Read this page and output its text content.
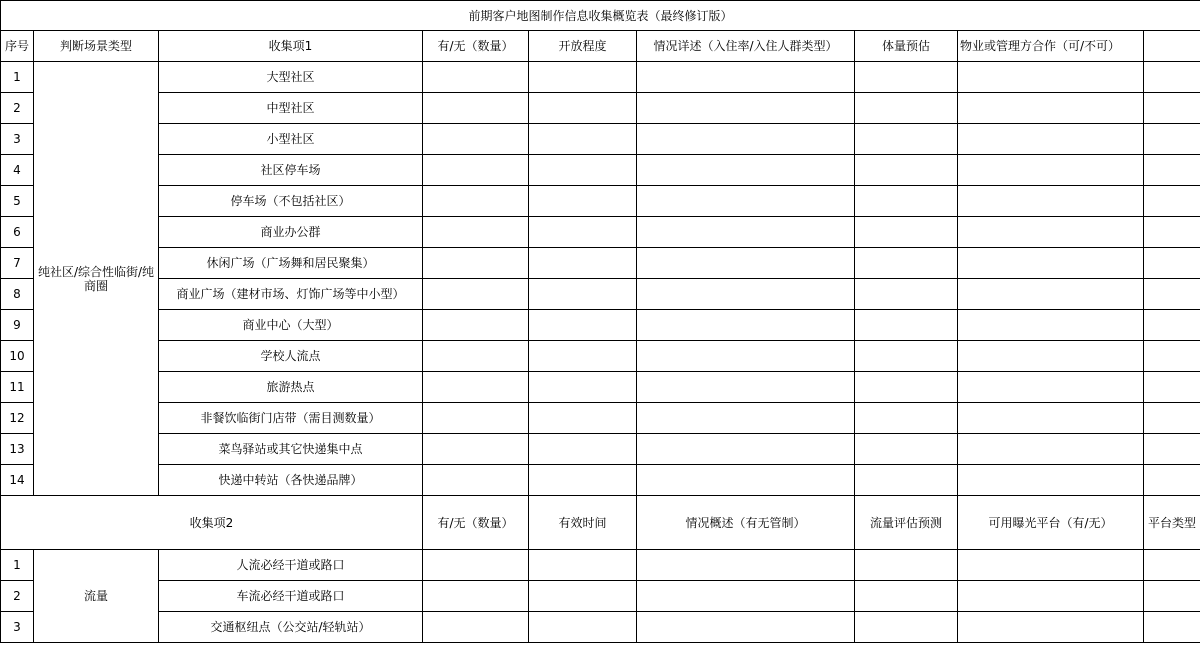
前期客户地图制作信息收集概览表（最终修订版）								
序号	判断场景类型	收集项1	有/无（数量）	开放程度	情况详述（入住率/入住人群类型）	体量预估	物业或管理方合作（可/不可）	
1	纯社区/综合性临街/纯商圈	大型社区						
2		中型社区						
3		小型社区						
4		社区停车场						
5		停车场（不包括社区）						
6		商业办公群						
7		休闲广场（广场舞和居民聚集）						
8		商业广场（建材市场、灯饰广场等中小型）						
9		商业中心（大型）						
10		学校人流点						
11		旅游热点						
12		非餐饮临街门店带（需目测数量）						
13		菜鸟驿站或其它快递集中点						
14		快递中转站（各快递品牌）						
收集项2			有/无（数量）	有效时间	情况概述（有无管制）	流量评估预测	可用曝光平台（有/无）	平台类型
1	流量	人流必经干道或路口						
2		车流必经干道或路口						
3		交通枢纽点（公交站/轻轨站）						
